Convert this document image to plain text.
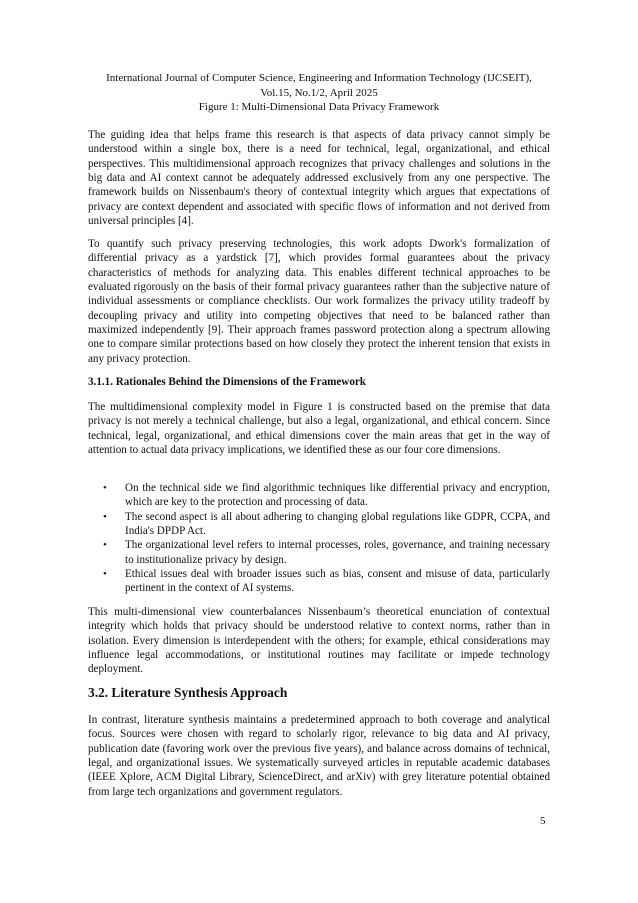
International Journal of Computer Science, Engineering and Information Technology (IJCSEIT),
Vol.15, No.1/2, April 2025
Figure 1: Multi-Dimensional Data Privacy Framework

The guiding idea that helps frame this research is that aspects of data privacy cannot simply be understood within a single box, there is a need for technical, legal, organizational, and ethical perspectives. This multidimensional approach recognizes that privacy challenges and solutions in the big data and AI context cannot be adequately addressed exclusively from any one perspective. The framework builds on Nissenbaum's theory of contextual integrity which argues that expectations of privacy are context dependent and associated with specific flows of information and not derived from universal principles [4].

To quantify such privacy preserving technologies, this work adopts Dwork's formalization of differential privacy as a yardstick [7], which provides formal guarantees about the privacy characteristics of methods for analyzing data. This enables different technical approaches to be evaluated rigorously on the basis of their formal privacy guarantees rather than the subjective nature of individual assessments or compliance checklists. Our work formalizes the privacy utility tradeoff by decoupling privacy and utility into competing objectives that need to be balanced rather than maximized independently [9]. Their approach frames password protection along a spectrum allowing one to compare similar protections based on how closely they protect the inherent tension that exists in any privacy protection.

3.1.1. Rationales Behind the Dimensions of the Framework

The multidimensional complexity model in Figure 1 is constructed based on the premise that data privacy is not merely a technical challenge, but also a legal, organizational, and ethical concern. Since technical, legal, organizational, and ethical dimensions cover the main areas that get in the way of attention to actual data privacy implications, we identified these as our four core dimensions.

• On the technical side we find algorithmic techniques like differential privacy and encryption, which are key to the protection and processing of data.
• The second aspect is all about adhering to changing global regulations like GDPR, CCPA, and India's DPDP Act.
• The organizational level refers to internal processes, roles, governance, and training necessary to institutionalize privacy by design.
• Ethical issues deal with broader issues such as bias, consent and misuse of data, particularly pertinent in the context of AI systems.

This multi-dimensional view counterbalances Nissenbaum’s theoretical enunciation of contextual integrity which holds that privacy should be understood relative to context norms, rather than in isolation. Every dimension is interdependent with the others; for example, ethical considerations may influence legal accommodations, or institutional routines may facilitate or impede technology deployment.

3.2. Literature Synthesis Approach

In contrast, literature synthesis maintains a predetermined approach to both coverage and analytical focus. Sources were chosen with regard to scholarly rigor, relevance to big data and AI privacy, publication date (favoring work over the previous five years), and balance across domains of technical, legal, and organizational issues. We systematically surveyed articles in reputable academic databases (IEEE Xplore, ACM Digital Library, ScienceDirect, and arXiv) with grey literature potential obtained from large tech organizations and government regulators.

5
